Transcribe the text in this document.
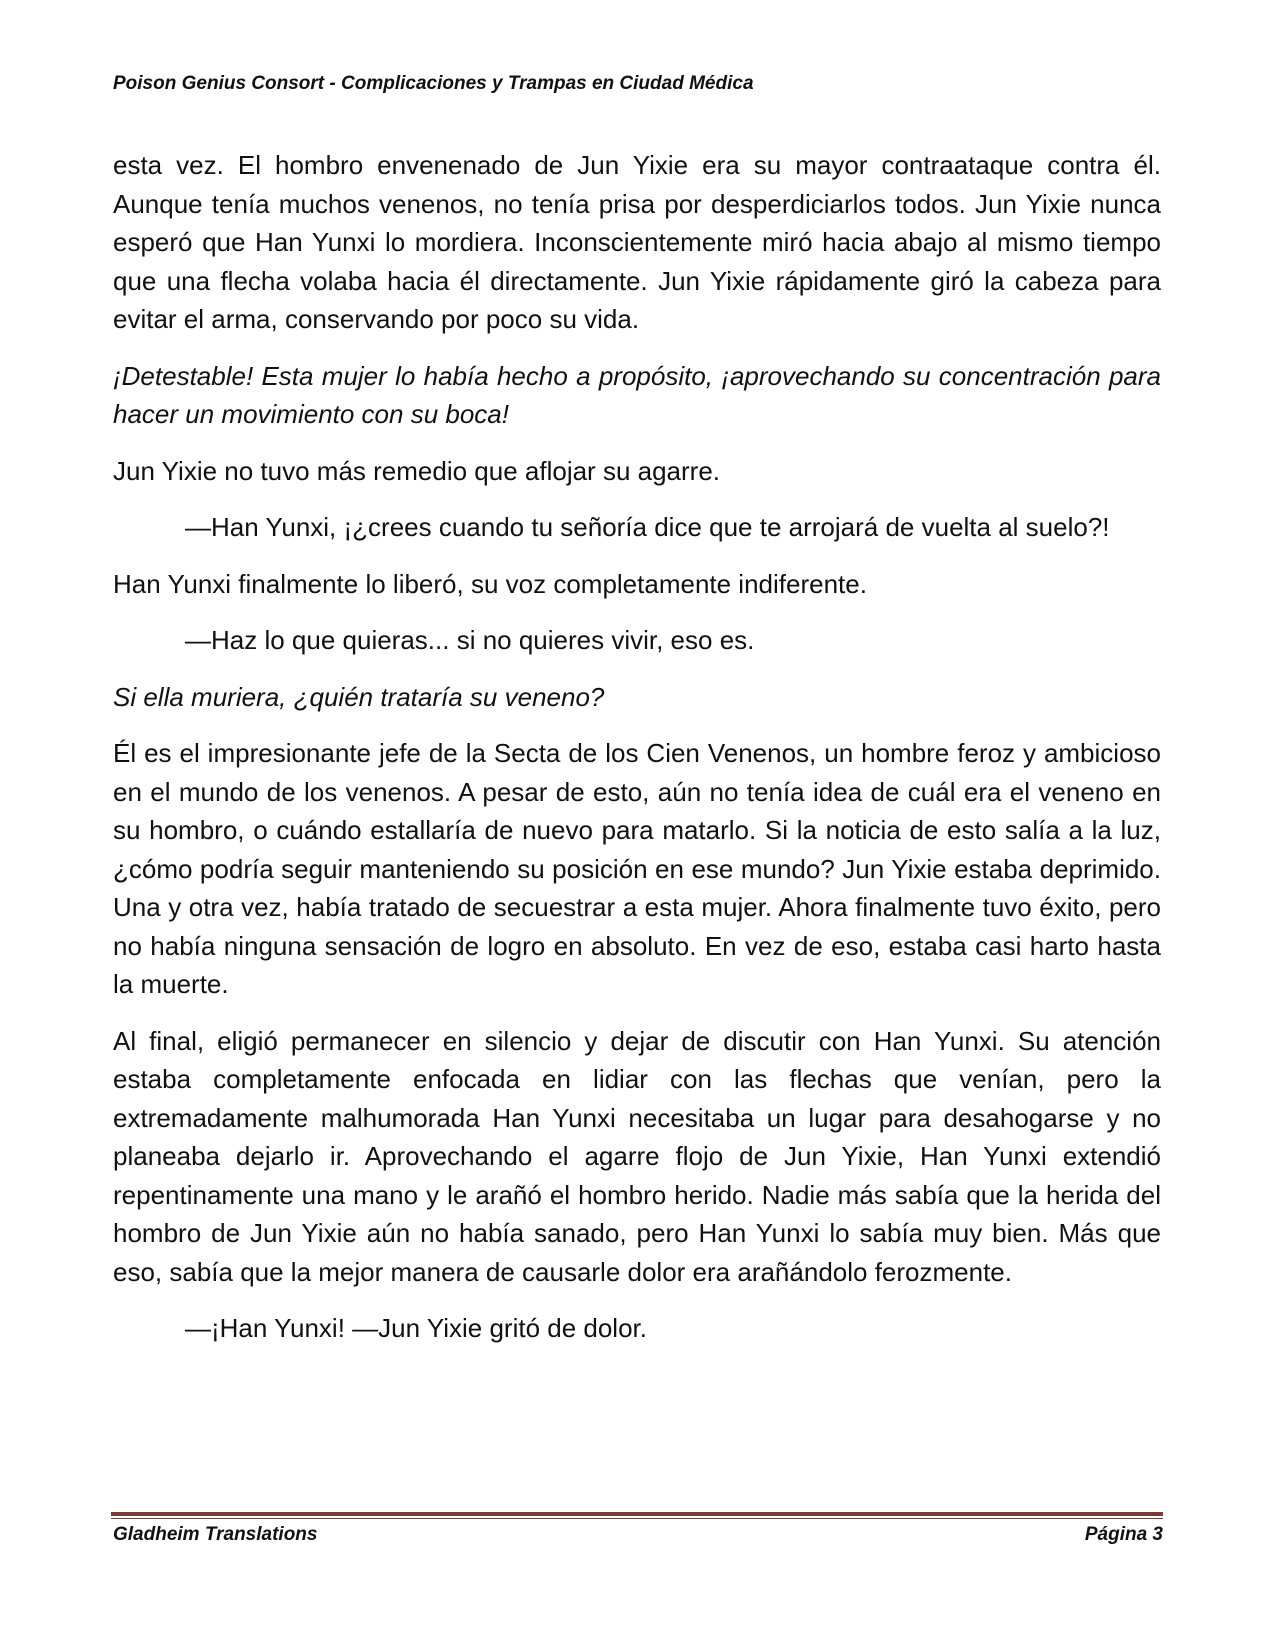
Poison Genius Consort - Complicaciones y Trampas en Ciudad Médica

esta vez. El hombro envenenado de Jun Yixie era su mayor contraataque contra él. Aunque tenía muchos venenos, no tenía prisa por desperdiciarlos todos. Jun Yixie nunca esperó que Han Yunxi lo mordiera. Inconscientemente miró hacia abajo al mismo tiempo que una flecha volaba hacia él directamente. Jun Yixie rápidamente giró la cabeza para evitar el arma, conservando por poco su vida.

¡Detestable! Esta mujer lo había hecho a propósito, ¡aprovechando su concentración para hacer un movimiento con su boca!

Jun Yixie no tuvo más remedio que aflojar su agarre.

—Han Yunxi, ¡¿crees cuando tu señoría dice que te arrojará de vuelta al suelo?!

Han Yunxi finalmente lo liberó, su voz completamente indiferente.

—Haz lo que quieras... si no quieres vivir, eso es.

Si ella muriera, ¿quién trataría su veneno?

Él es el impresionante jefe de la Secta de los Cien Venenos, un hombre feroz y ambicioso en el mundo de los venenos. A pesar de esto, aún no tenía idea de cuál era el veneno en su hombro, o cuándo estallaría de nuevo para matarlo. Si la noticia de esto salía a la luz, ¿cómo podría seguir manteniendo su posición en ese mundo? Jun Yixie estaba deprimido. Una y otra vez, había tratado de secuestrar a esta mujer. Ahora finalmente tuvo éxito, pero no había ninguna sensación de logro en absoluto. En vez de eso, estaba casi harto hasta la muerte.

Al final, eligió permanecer en silencio y dejar de discutir con Han Yunxi. Su atención estaba completamente enfocada en lidiar con las flechas que venían, pero la extremadamente malhumorada Han Yunxi necesitaba un lugar para desahogarse y no planeaba dejarlo ir. Aprovechando el agarre flojo de Jun Yixie, Han Yunxi extendió repentinamente una mano y le arañó el hombro herido. Nadie más sabía que la herida del hombro de Jun Yixie aún no había sanado, pero Han Yunxi lo sabía muy bien. Más que eso, sabía que la mejor manera de causarle dolor era arañándolo ferozmente.

—¡Han Yunxi! —Jun Yixie gritó de dolor.

Gladheim Translations	Página 3
